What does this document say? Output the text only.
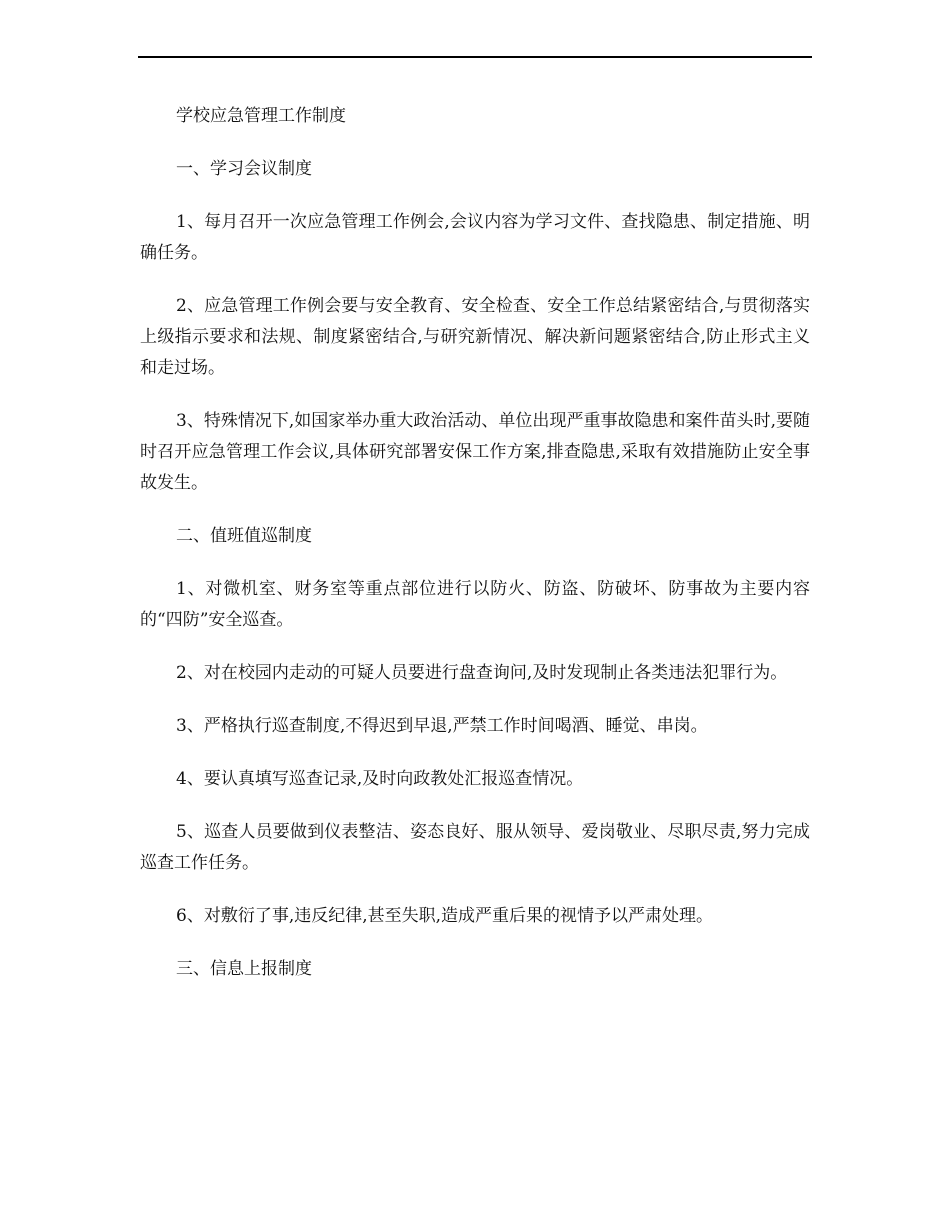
学校应急管理工作制度

一、学习会议制度

1、每月召开一次应急管理工作例会,会议内容为学习文件、查找隐患、制定措施、明确任务。

2、应急管理工作例会要与安全教育、安全检查、安全工作总结紧密结合,与贯彻落实上级指示要求和法规、制度紧密结合,与研究新情况、解决新问题紧密结合,防止形式主义和走过场。

3、特殊情况下,如国家举办重大政治活动、单位出现严重事故隐患和案件苗头时,要随时召开应急管理工作会议,具体研究部署安保工作方案,排查隐患,采取有效措施防止安全事故发生。

二、值班值巡制度

1、对微机室、财务室等重点部位进行以防火、防盗、防破坏、防事故为主要内容的“四防”安全巡查。

2、对在校园内走动的可疑人员要进行盘查询问,及时发现制止各类违法犯罪行为。

3、严格执行巡查制度,不得迟到早退,严禁工作时间喝酒、睡觉、串岗。

4、要认真填写巡查记录,及时向政教处汇报巡查情况。

5、巡查人员要做到仪表整洁、姿态良好、服从领导、爱岗敬业、尽职尽责,努力完成巡查工作任务。

6、对敷衍了事,违反纪律,甚至失职,造成严重后果的视情予以严肃处理。

三、信息上报制度
